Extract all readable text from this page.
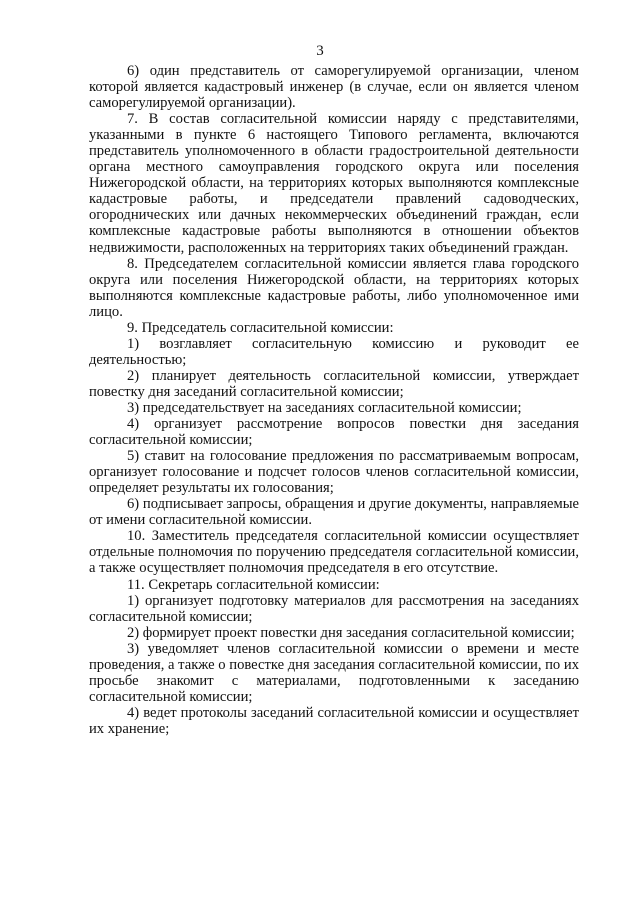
3

6) один представитель от саморегулируемой организации, членом которой является кадастровый инженер (в случае, если он является членом саморегулируемой организации).

7. В состав согласительной комиссии наряду с представителями, указанными в пункте 6 настоящего Типового регламента, включаются представитель уполномоченного в области градостроительной деятельности органа местного самоуправления городского округа или поселения Нижегородской области, на территориях которых выполняются комплексные кадастровые работы, и председатели правлений садоводческих, огороднических или дачных некоммерческих объединений граждан, если комплексные кадастровые работы выполняются в отношении объектов недвижимости, расположенных на территориях таких объединений граждан.

8. Председателем согласительной комиссии является глава городского округа или поселения Нижегородской области, на территориях которых выполняются комплексные кадастровые работы, либо уполномоченное ими лицо.

9. Председатель согласительной комиссии:

1) возглавляет согласительную комиссию и руководит ее деятельностью;

2) планирует деятельность согласительной комиссии, утверждает повестку дня заседаний согласительной комиссии;

3) председательствует на заседаниях согласительной комиссии;

4) организует рассмотрение вопросов повестки дня заседания согласительной комиссии;

5) ставит на голосование предложения по рассматриваемым вопросам, организует голосование и подсчет голосов членов согласительной комиссии, определяет результаты их голосования;

6) подписывает запросы, обращения и другие документы, направляемые от имени согласительной комиссии.

10. Заместитель председателя согласительной комиссии осуществляет отдельные полномочия по поручению председателя согласительной комиссии, а также осуществляет полномочия председателя в его отсутствие.

11. Секретарь согласительной комиссии:

1) организует подготовку материалов для рассмотрения на заседаниях согласительной комиссии;

2) формирует проект повестки дня заседания согласительной комиссии;

3) уведомляет членов согласительной комиссии о времени и месте проведения, а также о повестке дня заседания согласительной комиссии, по их просьбе знакомит с материалами, подготовленными к заседанию согласительной комиссии;

4) ведет протоколы заседаний согласительной комиссии и осуществляет их хранение;
